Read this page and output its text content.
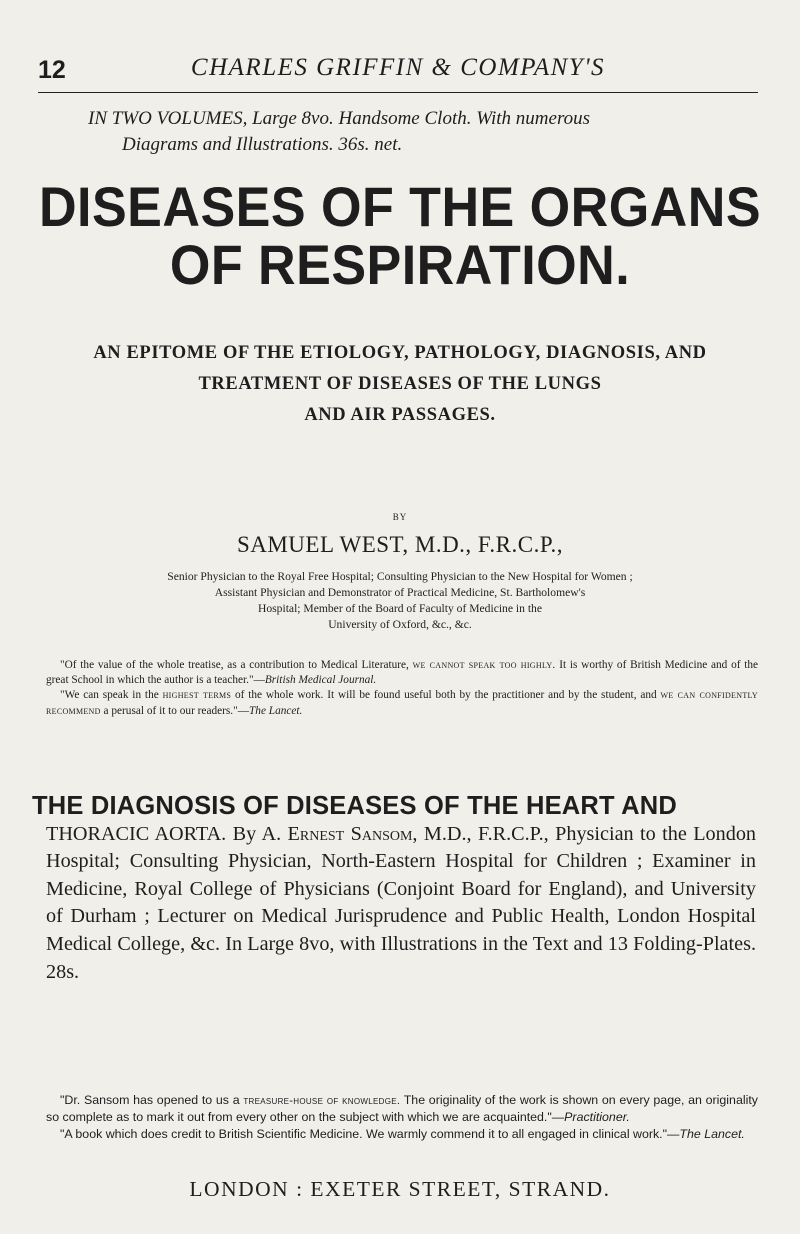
12	CHARLES GRIFFIN & COMPANY'S
IN TWO VOLUMES, Large 8vo. Handsome Cloth. With numerous
Diagrams and Illustrations. 36s. net.
DISEASES OF THE ORGANS
OF RESPIRATION.
AN EPITOME OF THE ETIOLOGY, PATHOLOGY, DIAGNOSIS, AND
TREATMENT OF DISEASES OF THE LUNGS
AND AIR PASSAGES.
BY
SAMUEL WEST, M.D., F.R.C.P.,
Senior Physician to the Royal Free Hospital; Consulting Physician to the New Hospital for Women ;
Assistant Physician and Demonstrator of Practical Medicine, St. Bartholomew's
Hospital; Member of the Board of Faculty of Medicine in the
University of Oxford, &c., &c.

"Of the value of the whole treatise, as a contribution to Medical Literature, we cannot speak too highly. It is worthy of British Medicine and of the great School in which the author is a teacher."—British Medical Journal.

"We can speak in the highest terms of the whole work. It will be found useful both by the practitioner and by the student, and we can confidently recommend a perusal of it to our readers."—The Lancet.

THE DIAGNOSIS OF DISEASES OF THE HEART AND

THORACIC AORTA. By A. Ernest Sansom, M.D., F.R.C.P., Physician to the London Hospital; Consulting Physician, North-Eastern Hospital for Children ; Examiner in Medicine, Royal College of Physicians (Conjoint Board for England), and University of Durham ; Lecturer on Medical Jurisprudence and Public Health, London Hospital Medical College, &c. In Large 8vo, with Illustrations in the Text and 13 Folding-Plates. 28s.

"Dr. Sansom has opened to us a treasure-house of knowledge. The originality of the work is shown on every page, an originality so complete as to mark it out from every other on the subject with which we are acquainted."—Practitioner.

"A book which does credit to British Scientific Medicine. We warmly commend it to all engaged in clinical work."—The Lancet.

LONDON : EXETER STREET, STRAND.
